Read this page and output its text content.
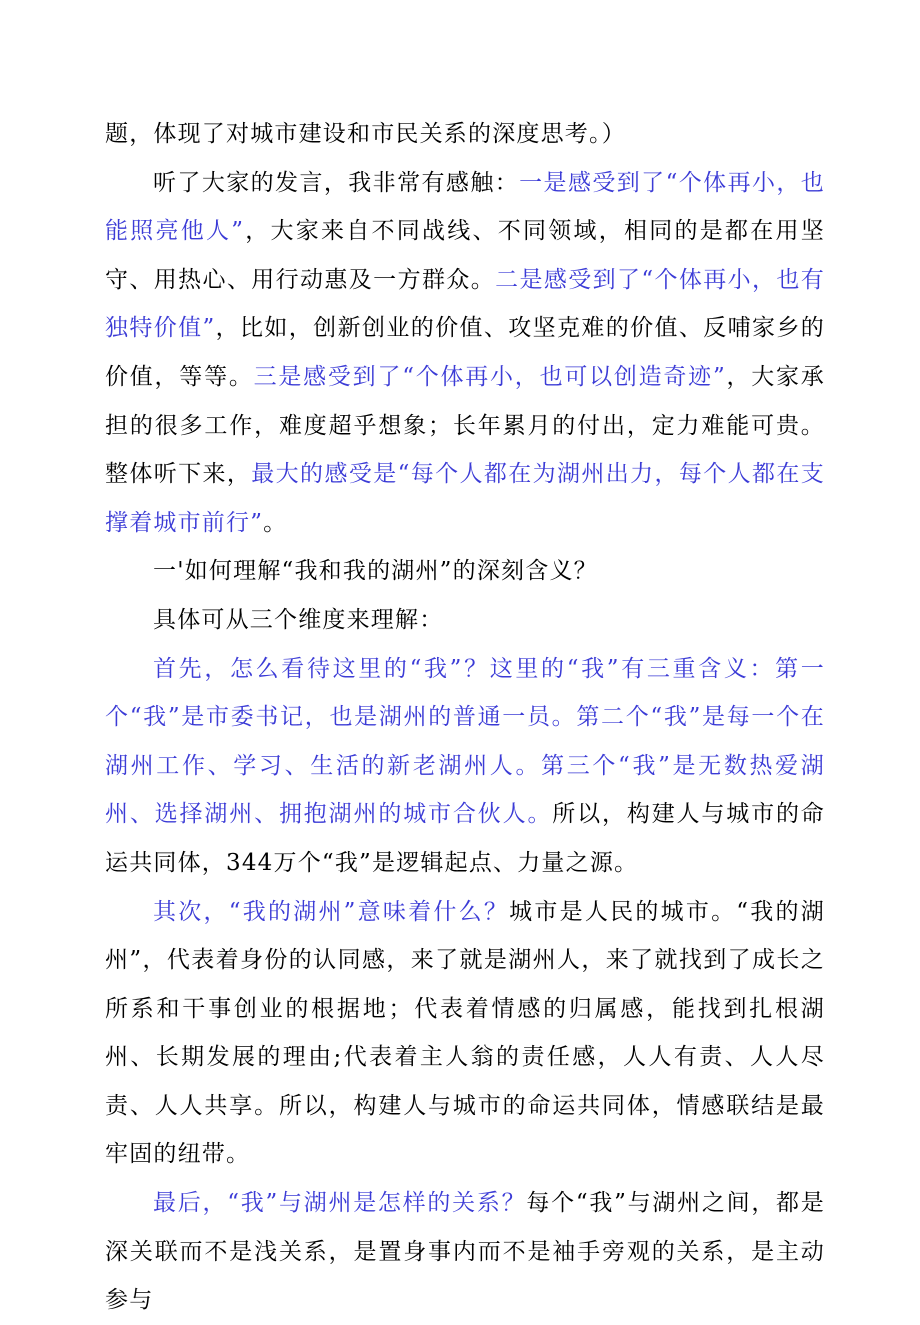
题，体现了对城市建设和市民关系的深度思考。）

听了大家的发言，我非常有感触：一是感受到了“个体再小，也能照亮他人”，大家来自不同战线、不同领域，相同的是都在用坚守、用热心、用行动惠及一方群众。二是感受到了“个体再小，也有独特价值”，比如，创新创业的价值、攻坚克难的价值、反哺家乡的价值，等等。三是感受到了“个体再小，也可以创造奇迹”，大家承担的很多工作，难度超乎想象；长年累月的付出，定力难能可贵。整体听下来，最大的感受是“每个人都在为湖州出力，每个人都在支撑着城市前行”。

一'如何理解“我和我的湖州”的深刻含义？

具体可从三个维度来理解：

首先，怎么看待这里的“我”？这里的“我”有三重含义：第一个“我”是市委书记，也是湖州的普通一员。第二个“我”是每一个在湖州工作、学习、生活的新老湖州人。第三个“我”是无数热爱湖州、选择湖州、拥抱湖州的城市合伙人。所以，构建人与城市的命运共同体，344万个“我”是逻辑起点、力量之源。

其次，“我的湖州”意味着什么？城市是人民的城市。“我的湖州”，代表着身份的认同感，来了就是湖州人，来了就找到了成长之所系和干事创业的根据地；代表着情感的归属感，能找到扎根湖州、长期发展的理由;代表着主人翁的责任感，人人有责、人人尽责、人人共享。所以，构建人与城市的命运共同体，情感联结是最牢固的纽带。

最后，“我”与湖州是怎样的关系？每个“我”与湖州之间，都是深关联而不是浅关系，是置身事内而不是袖手旁观的关系，是主动参与
